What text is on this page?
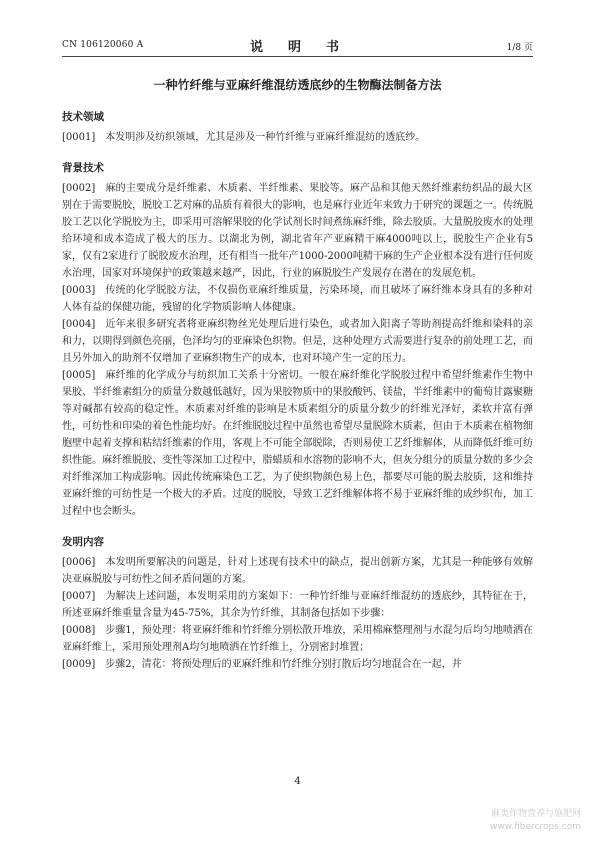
CN 106120060 A	说　明　书	1/8 页
一种竹纤维与亚麻纤维混纺透底纱的生物酶法制备方法

技术领域

[0001] 本发明涉及纺织领域，尤其是涉及一种竹纤维与亚麻纤维混纺的透底纱。

背景技术

[0002] 麻的主要成分是纤维素、木质素、半纤维素、果胶等。麻产品和其他天然纤维素纺织品的最大区别在于需要脱胶，脱胶工艺对麻的品质有着很大的影响，也是麻行业近年来致力于研究的课题之一。传统脱胶工艺以化学脱胶为主，即采用可溶解果胶的化学试剂长时间煮练麻纤维，除去胶质。大量脱胶废水的处理给环境和成本造成了极大的压力。以湖北为例，湖北省年产亚麻精干麻4000吨以上，脱胶生产企业有5家，仅有2家进行了脱胶废水治理，还有相当一批年产1000-2000吨精干麻的生产企业根本没有进行任何废水治理，国家对环境保护的政策越来越严，因此，行业的麻脱胶生产发展存在潜在的发展危机。

[0003] 传统的化学脱胶方法，不仅损伤亚麻纤维质量，污染环境，而且破坏了麻纤维本身具有的多种对人体有益的保健功能，残留的化学物质影响人体健康。

[0004] 近年来很多研究者将亚麻织物丝光处理后进行染色，或者加入阳离子等助剂提高纤维和染料的亲和力，以期得到颜色亮丽，色泽均匀的亚麻染色织物。但是，这种处理方式需要进行复杂的前处理工艺，而且另外加入的助剂不仅增加了亚麻织物生产的成本，也对环境产生一定的压力。

[0005] 麻纤维的化学成分与纺织加工关系十分密切。一般在麻纤维化学脱胶过程中希望纤维素作生物中果胶、半纤维素组分的质量分数越低越好，因为果胶物质中的果胶酸钙、镁盐，半纤维素中的葡萄甘露聚糖等对碱都有较高的稳定性。木质素对纤维的影响是木质素组分的质量分数少的纤维光泽好，柔软并富有弹性，可纺性和印染的着色性能均好。在纤维脱胶过程中虽然也希望尽量脱除木质素，但由于木质素在植物细胞壁中起着支撑和粘结纤维素的作用，客观上不可能全部脱除，否则易使工艺纤维解体，从而降低纤维可纺织性能。麻纤维脱胶、变性等深加工过程中，脂蜡质和水溶物的影响不大，但灰分组分的质量分数的多少会对纤维深加工构成影响。因此传统麻染色工艺，为了使织物颜色易上色，都要尽可能的脱去胶质，这和维持亚麻纤维的可纺性是一个极大的矛盾。过度的脱胶，导致工艺纤维解体将不易于亚麻纤维的成纱织布，加工过程中也会断头。

发明内容

[0006] 本发明所要解决的问题是，针对上述现有技术中的缺点，提出创新方案，尤其是一种能够有效解决亚麻脱胶与可纺性之间矛盾问题的方案。

[0007] 为解决上述问题，本发明采用的方案如下：一种竹纤维与亚麻纤维混纺的透底纱，其特征在于，所述亚麻纤维重量含量为45-75%，其余为竹纤维，其制备包括如下步骤：

[0008] 步骤1，预处理：将亚麻纤维和竹纤维分别松散开堆放，采用棉麻整理剂与水混匀后均匀地喷洒在亚麻纤维上，采用预处理剂A均匀地喷洒在竹纤维上，分别密封堆置；

[0009] 步骤2，清花：将预处理后的亚麻纤维和竹纤维分别打散后均匀地混合在一起，并

4
麻类作物营养与施肥网
www.fibercrops.com
